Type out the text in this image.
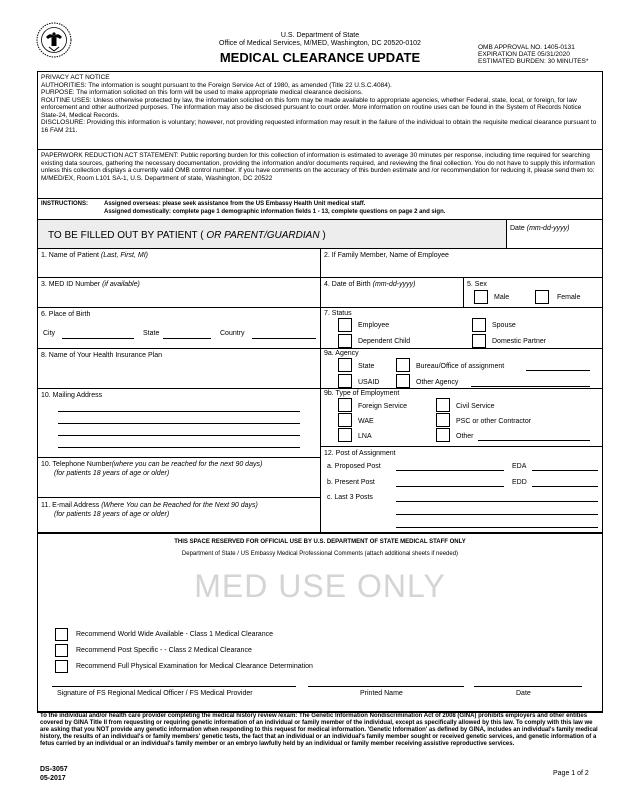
U.S. Department of State
Office of Medical Services, M/MED, Washington, DC 20520-0102
MEDICAL CLEARANCE UPDATE
OMB APPROVAL NO. 1405-0131
EXPIRATION DATE 05/31/2020
ESTIMATED BURDEN: 30 MINUTES*
PRIVACY ACT NOTICE
AUTHORITIES: The information is sought pursuant to the Foreign Service Act of 1980, as amended (Title 22 U.S.C.4084).
PURPOSE: The information solicited on this form will be used to make appropriate medical clearance decisions.
ROUTINE USES: Unless otherwise protected by law, the information solicited on this form may be made available to appropriate agencies, whether Federal, state, local, or foreign, for law enforcement and other authorized purposes. The information may also be disclosed pursuant to court order. More information on routine uses can be found in the System of Records Notice State-24, Medical Records.
DISCLOSURE: Providing this information is voluntary; however, not providing requested information may result in the failure of the individual to obtain the requisite medical clearance pursuant to 16 FAM 211.
PAPERWORK REDUCTION ACT STATEMENT: Public reporting burden for this collection of information is estimated to average 30 minutes per response, including time required for searching existing data sources, gathering the necessary documentation, providing the information and/or documents required, and reviewing the final collection. You do not have to supply this information unless this collection displays a currently valid OMB control number. If you have comments on the accuracy of this burden estimate and /or recommendation for reducing it, please send them to: M/MED/EX, Room L101 SA-1, U.S. Department of state, Washington, DC 20522
INSTRUCTIONS:	Assigned overseas: please seek assistance from the US Embassy Health Unit medical staff.
Assigned domestically: complete page 1 demographic information fields 1 - 13, complete questions on page 2 and sign.
TO BE FILLED OUT BY PATIENT ( OR PARENT/GUARDIAN )
Date (mm-dd-yyyy)
1. Name of Patient (Last, First, MI)	2. If Family Member, Name of Employee
3. MED ID Number (if available)	4. Date of Birth (mm-dd-yyyy)	5. Sex
Male	Female
6. Place of Birth
City	State	Country
7. Status
Employee	Spouse
Dependent Child	Domestic Partner
8. Name of Your Health Insurance Plan	9a. Agency
State	Bureau/Office of assignment
USAID	Other Agency
10. Mailing Address	9b. Type of Employment
Foreign Service	Civil Service
WAE	PSC or other Contractor
LNA	Other
10. Telephone Number(where you can be reached for the next 90 days)
(for patients 18 years of age or older)
12. Post of Assignment
a. Proposed Post	EDA
b. Present Post	EDD
c. Last 3 Posts
11. E-mail Address (Where You can be Reached for the Next 90 days)
(for patients 18 years of age or older)
THIS SPACE RESERVED FOR OFFICIAL USE BY U.S. DEPARTMENT OF STATE MEDICAL STAFF ONLY
Department of State / US Embassy Medical Professional Comments (attach additional sheets if needed)
MED USE ONLY
Recommend World Wide Available - Class 1 Medical Clearance
Recommend Post Specific - - Class 2 Medical Clearance
Recommend Full Physical Examination for Medical Clearance Determination
Signature of FS Regional Medical Officer / FS Medical Provider	Printed Name	Date
To the individual and/or health care provider completing the medical history review /exam: The Genetic Information Nondiscrimination Act of 2008 (GINA) prohibits employers and other entities covered by GINA Title II from requesting or requiring genetic information of an individual or family member of the individual, except as specifically allowed by this law. To comply with this law we are asking that you NOT provide any genetic information when responding to this request for medical information. 'Genetic Information' as defined by GINA, includes an individual's family medical history, the results of an individual's or family members' genetic tests, the fact that an individual or an individual's family member sought or received genetic services, and genetic information of a fetus carried by an individual or an individual's family member or an embryo lawfully held by an individual or family member receiving assistive reproductive services.
DS-3057
05-2017
Page 1 of 2
